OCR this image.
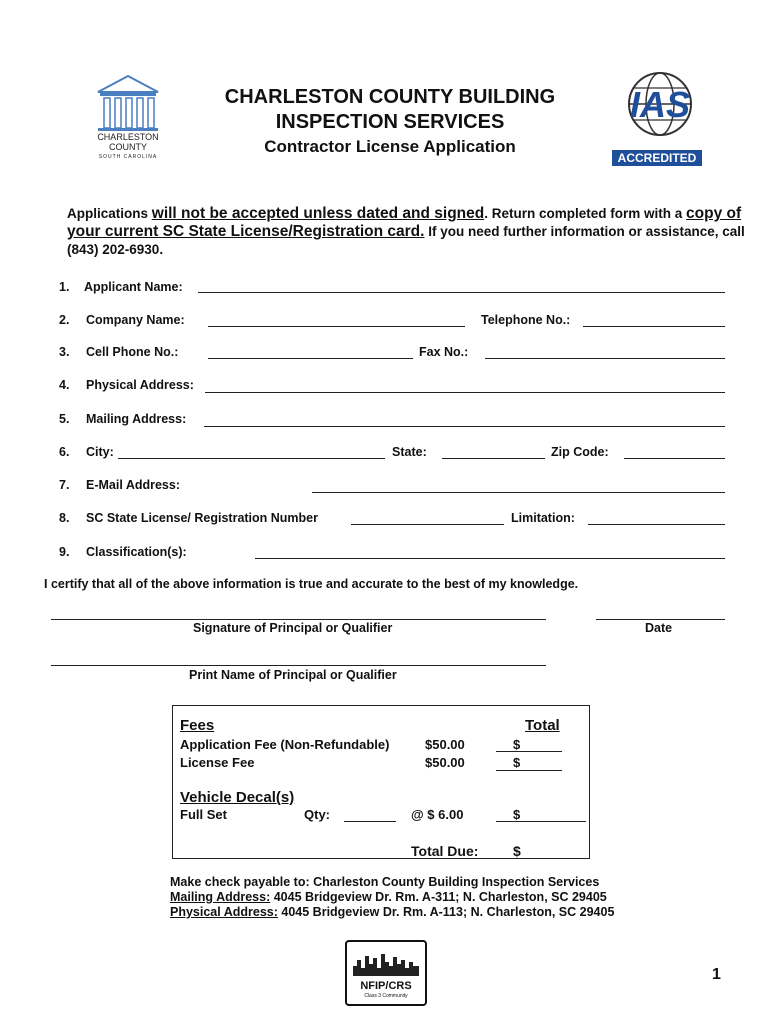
CHARLESTON
COUNTY
SOUTH CAROLINA
CHARLESTON COUNTY BUILDING
INSPECTION SERVICES
Contractor License Application
IAS
ACCREDITED
Applications will not be accepted unless dated and signed. Return completed form with a copy of your current SC State License/Registration card. If you need further information or assistance, call (843) 202-6930.
1. Applicant Name:
2. Company Name:	Telephone No.:
3. Cell Phone No.:	Fax No.:
4. Physical Address:
5. Mailing Address:
6. City:	State:	Zip Code:
7. E-Mail Address:
8. SC State License/ Registration Number	Limitation:
9. Classification(s):
I certify that all of the above information is true and accurate to the best of my knowledge.
Signature of Principal or Qualifier	Date
Print Name of Principal or Qualifier
Fees	Total
Application Fee (Non-Refundable)	$50.00	$
License Fee	$50.00	$
Vehicle Decal(s)
Full Set	Qty:	@ $ 6.00	$
Total Due: $
Make check payable to: Charleston County Building Inspection Services
Mailing Address: 4045 Bridgeview Dr. Rm. A-311; N. Charleston, SC 29405
Physical Address: 4045 Bridgeview Dr. Rm. A-113; N. Charleston, SC 29405
NFIP/CRS
Class 3 Community
1
